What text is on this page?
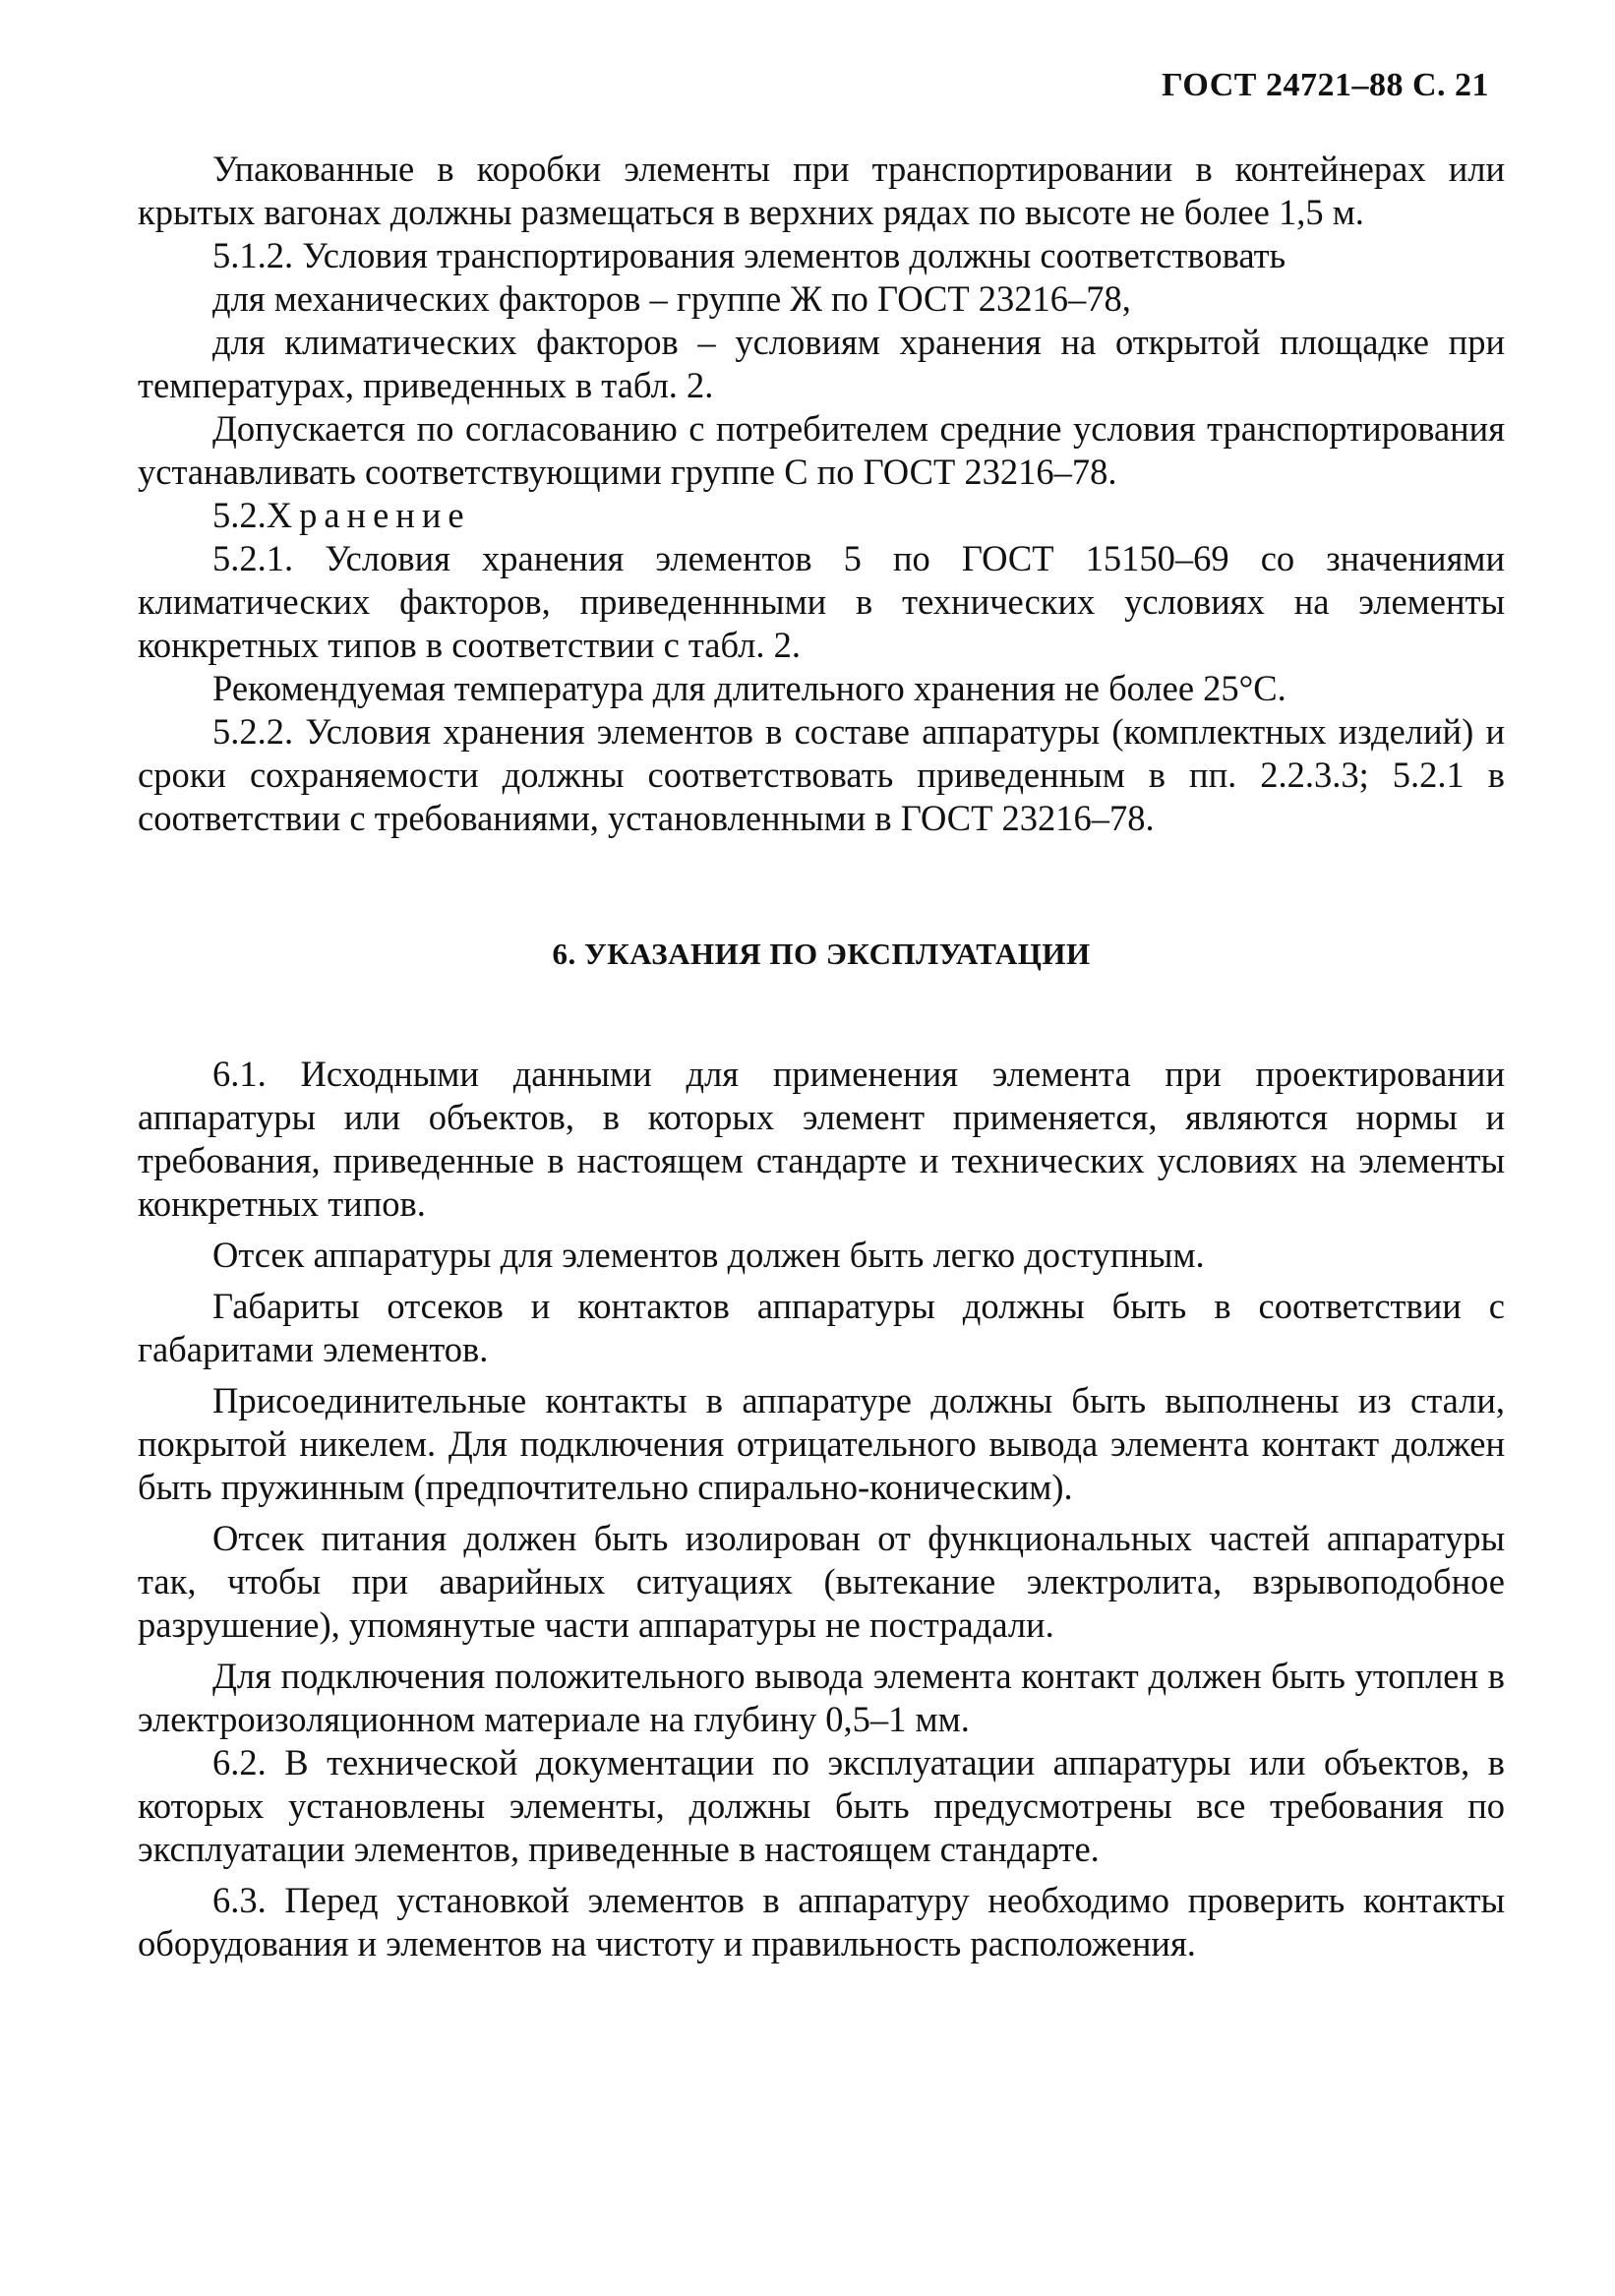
ГОСТ 24721–88 С. 21

Упакованные в коробки элементы при транспортировании в контейнерах или крытых вагонах должны размещаться в верхних рядах по высоте не более 1,5 м.

5.1.2. Условия транспортирования элементов должны соответствовать

для механических факторов – группе Ж по ГОСТ 23216–78,

для климатических факторов – условиям хранения на открытой площадке при температурах, приведенных в табл. 2.

Допускается по согласованию с потребителем средние условия транспортирования устанавливать соответствующими группе С по ГОСТ 23216–78.

5.2.Хранение

5.2.1. Условия хранения элементов 5 по ГОСТ 15150–69 со значениями климатических факторов, приведеннными в технических условиях на элементы конкретных типов в соответствии с табл. 2.

Рекомендуемая температура для длительного хранения не более 25°С.

5.2.2. Условия хранения элементов в составе аппаратуры (комплектных изделий) и сроки сохраняемости должны соответствовать приведенным в пп. 2.2.3.3; 5.2.1 в соответствии с требованиями, установленными в ГОСТ 23216–78.

6. УКАЗАНИЯ ПО ЭКСПЛУАТАЦИИ

6.1. Исходными данными для применения элемента при проектировании аппаратуры или объектов, в которых элемент применяется, являются нормы и требования, приведенные в настоящем стандарте и технических условиях на элементы конкретных типов.

Отсек аппаратуры для элементов должен быть легко доступным.

Габариты отсеков и контактов аппаратуры должны быть в соответствии с габаритами элементов.

Присоединительные контакты в аппаратуре должны быть выполнены из стали, покрытой никелем. Для подключения отрицательного вывода элемента контакт должен быть пружинным (предпочтительно спирально-коническим).

Отсек питания должен быть изолирован от функциональных частей аппаратуры так, чтобы при аварийных ситуациях (вытекание электролита, взрывоподобное разрушение), упомянутые части аппаратуры не пострадали.

Для подключения положительного вывода элемента контакт должен быть утоплен в электроизоляционном материале на глубину 0,5–1 мм.

6.2. В технической документации по эксплуатации аппаратуры или объектов, в которых установлены элементы, должны быть предусмотрены все требования по эксплуатации элементов, приведенные в настоящем стандарте.

6.3. Перед установкой элементов в аппаратуру необходимо проверить контакты оборудования и элементов на чистоту и правильность расположения.
